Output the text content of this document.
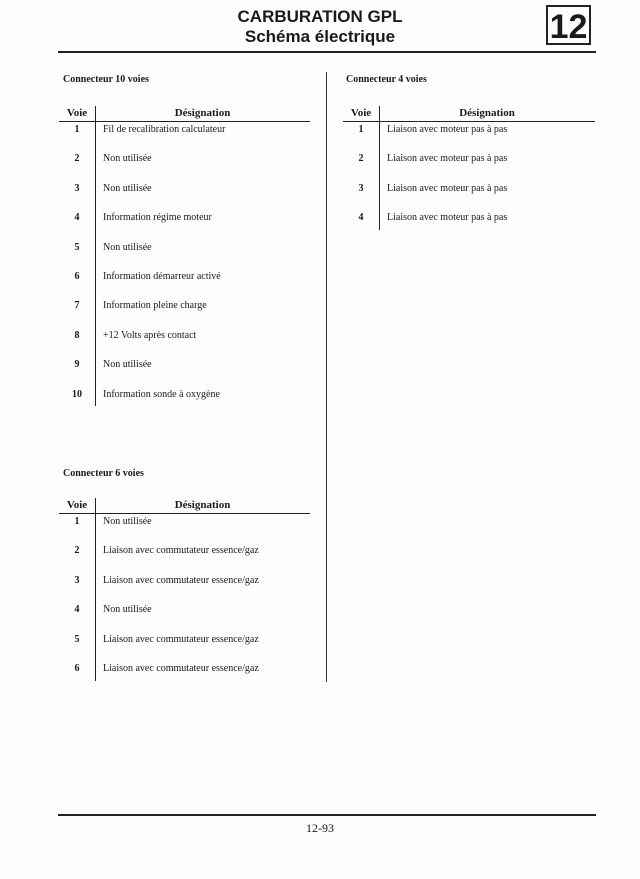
CARBURATION GPL
Schéma électrique	12
Connecteur 10 voies
Voie	Désignation
1	Fil de recalibration calculateur
2	Non utilisée
3	Non utilisée
4	Information régime moteur
5	Non utilisée
6	Information démarreur activé
7	Information pleine charge
8	+12 Volts après contact
9	Non utilisée
10	Information sonde à oxygène
Connecteur 6 voies
Voie	Désignation
1	Non utilisée
2	Liaison avec commutateur essence/gaz
3	Liaison avec commutateur essence/gaz
4	Non utilisée
5	Liaison avec commutateur essence/gaz
6	Liaison avec commutateur essence/gaz
Connecteur 4 voies
Voie	Désignation
1	Liaison avec moteur pas à pas
2	Liaison avec moteur pas à pas
3	Liaison avec moteur pas à pas
4	Liaison avec moteur pas à pas
12-93
